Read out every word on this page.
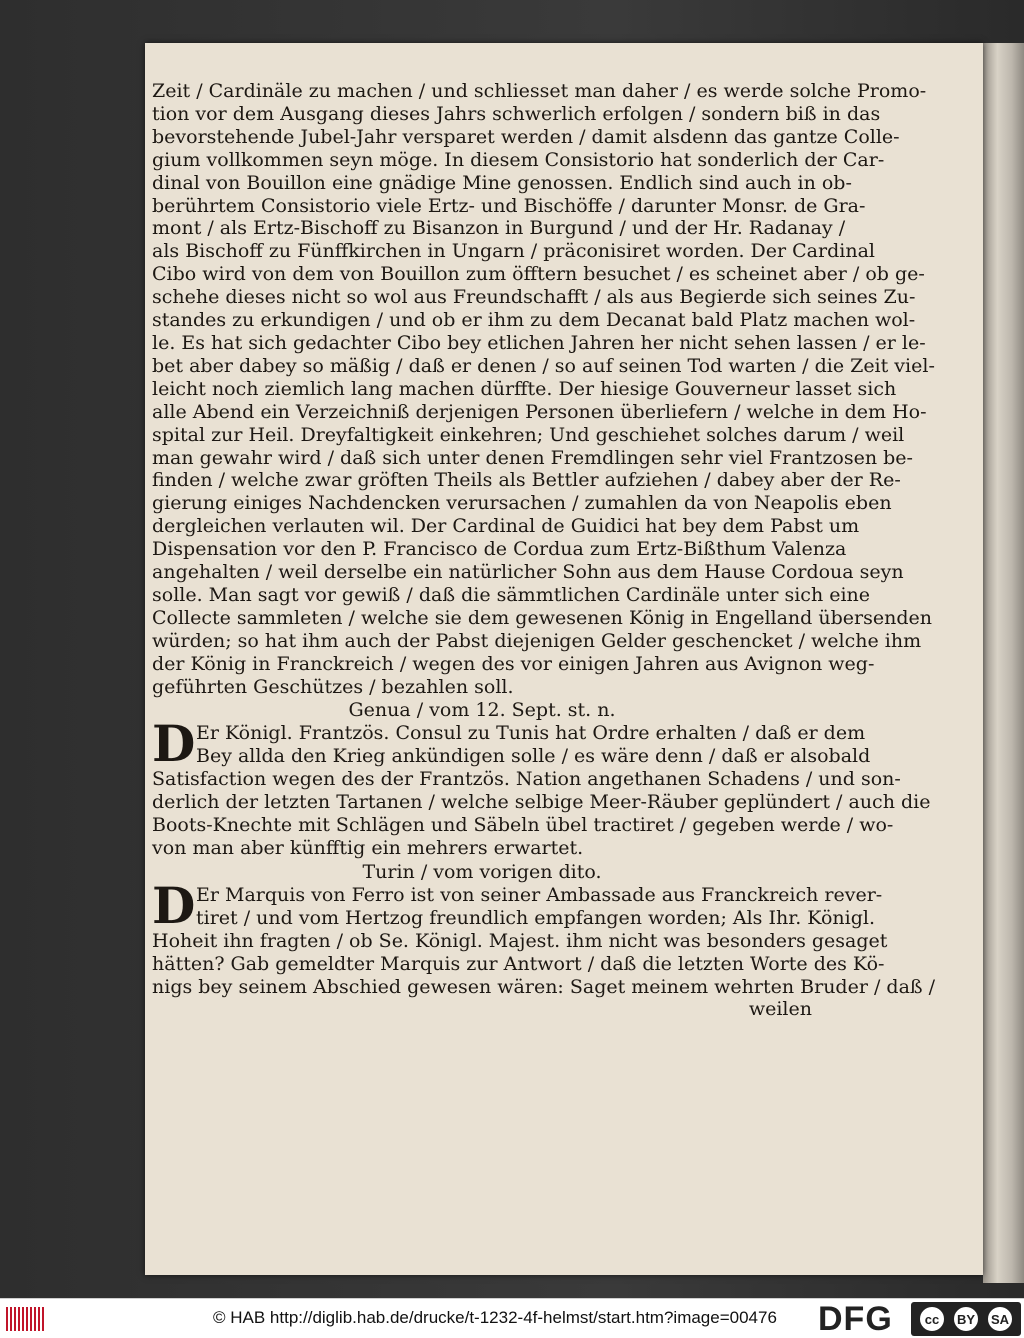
Zeit / Cardinäle zu machen / und schliesset man daher / es werde solche Promo-
tion vor dem Ausgang dieses Jahrs schwerlich erfolgen / sondern biß in das
bevorstehende Jubel-Jahr versparet werden / damit alsdenn das gantze Colle-
gium vollkommen seyn möge. In diesem Consistorio hat sonderlich der Car-
dinal von Bouillon eine gnädige Mine genossen. Endlich sind auch in ob-
berührtem Consistorio viele Ertz- und Bischöffe / darunter Monsr. de Gra-
mont / als Ertz-Bischoff zu Bisanzon in Burgund / und der Hr. Radanay /
als Bischoff zu Fünffkirchen in Ungarn / präconisiret worden. Der Cardinal
Cibo wird von dem von Bouillon zum öfftern besuchet / es scheinet aber / ob ge-
schehe dieses nicht so wol aus Freundschafft / als aus Begierde sich seines Zu-
standes zu erkundigen / und ob er ihm zu dem Decanat bald Platz machen wol-
le. Es hat sich gedachter Cibo bey etlichen Jahren her nicht sehen lassen / er le-
bet aber dabey so mäßig / daß er denen / so auf seinen Tod warten / die Zeit viel-
leicht noch ziemlich lang machen dürffte. Der hiesige Gouverneur lasset sich
alle Abend ein Verzeichniß derjenigen Personen überliefern / welche in dem Ho-
spital zur Heil. Dreyfaltigkeit einkehren; Und geschiehet solches darum / weil
man gewahr wird / daß sich unter denen Fremdlingen sehr viel Frantzosen be-
finden / welche zwar gröften Theils als Bettler aufziehen / dabey aber der Re-
gierung einiges Nachdencken verursachen / zumahlen da von Neapolis eben
dergleichen verlauten wil. Der Cardinal de Guidici hat bey dem Pabst um
Dispensation vor den P. Francisco de Cordua zum Ertz-Bißthum Valenza
angehalten / weil derselbe ein natürlicher Sohn aus dem Hause Cordoua seyn
solle. Man sagt vor gewiß / daß die sämmtlichen Cardinäle unter sich eine
Collecte sammleten / welche sie dem gewesenen König in Engelland übersenden
würden; so hat ihm auch der Pabst diejenigen Gelder geschencket / welche ihm
der König in Franckreich / wegen des vor einigen Jahren aus Avignon weg-
geführten Geschützes / bezahlen soll.
Genua / vom 12. Sept. st. n.
D Er Königl. Frantzös. Consul zu Tunis hat Ordre erhalten / daß er dem
Bey allda den Krieg ankündigen solle / es wäre denn / daß er alsobald
Satisfaction wegen des der Frantzös. Nation angethanen Schadens / und son-
derlich der letzten Tartanen / welche selbige Meer-Räuber geplündert / auch die
Boots-Knechte mit Schlägen und Säbeln übel tractiret / gegeben werde / wo-
von man aber künfftig ein mehrers erwartet.
Turin / vom vorigen dito.
D Er Marquis von Ferro ist von seiner Ambassade aus Franckreich rever-
tiret / und vom Hertzog freundlich empfangen worden; Als Ihr. Königl.
Hoheit ihn fragten / ob Se. Königl. Majest. ihm nicht was besonders gesaget
hätten? Gab gemeldter Marquis zur Antwort / daß die letzten Worte des Kö-
nigs bey seinem Abschied gewesen wären: Saget meinem wehrten Bruder / daß /
weilen
© HAB http://diglib.hab.de/drucke/t-1232-4f-helmst/start.htm?image=00476 DFG	cc	BY	SA
